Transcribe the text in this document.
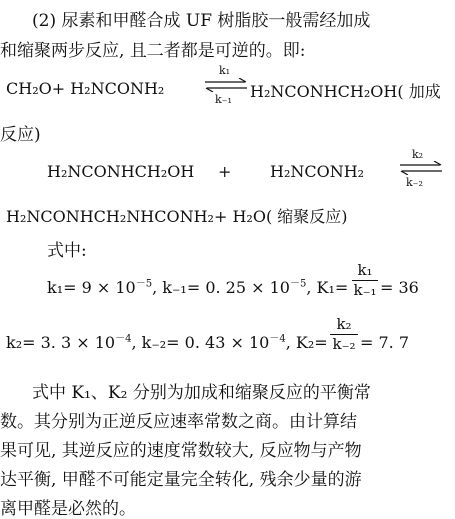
(2) 尿素和甲醛合成 UF 树脂胶一般需经加成
和缩聚两步反应, 且二者都是可逆的。即:
CH₂O+ H₂NCONH₂
k₁
k₋₁ H₂NCONHCH₂OH( 加成
反应)
H₂NCONHCH₂OH + H₂NCONH₂
k₂
k₋₂
H₂NCONHCH₂NHCONH₂+ H₂O( 缩聚反应)
式中:
$k_1= 9 \times 10^{-5}$, k₋₁= 0. $25 \times 10^{-5}$, K₁=
k₁
k₋₁ = 36
k₂= 3. $3 \times 10^{-4}$, k₋₂= 0. $43 \times 10^{-4}$, K₂=
k₂
k₋₂ = 7. 7
式中 K₁、K₂ 分别为加成和缩聚反应的平衡常
数。其分别为正逆反应速率常数之商。由计算结
果可见, 其逆反应的速度常数较大, 反应物与产物
达平衡, 甲醛不可能定量完全转化, 残余少量的游
离甲醛是必然的。
